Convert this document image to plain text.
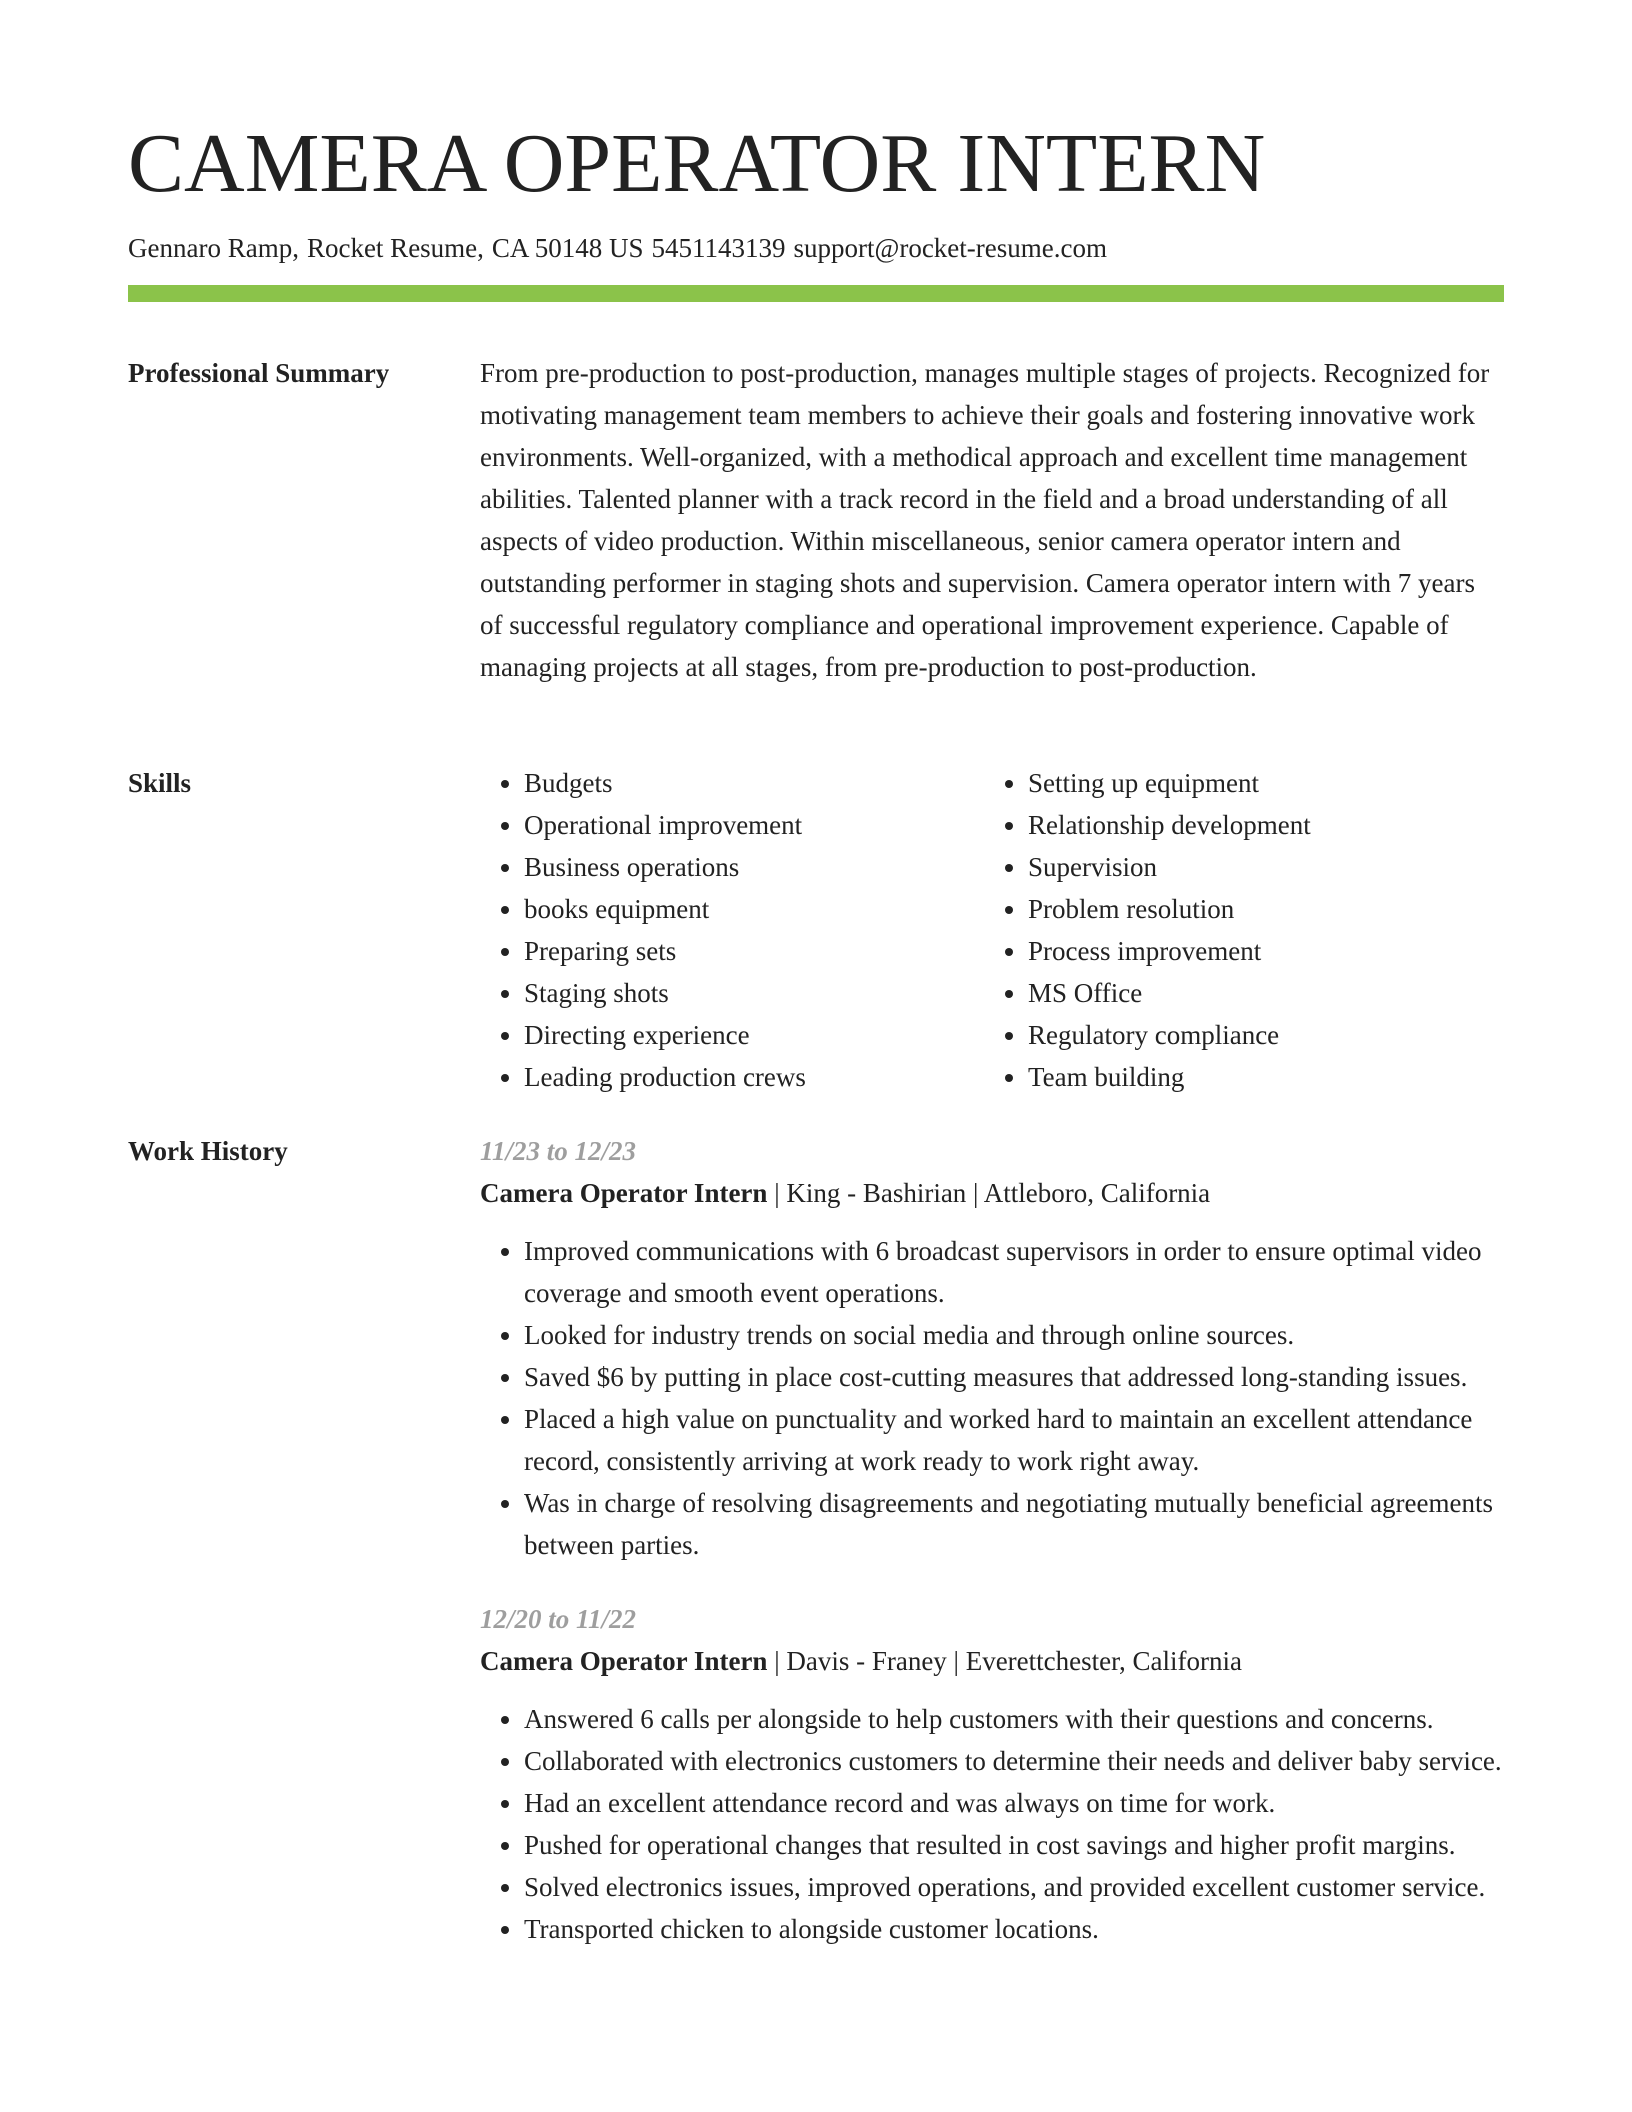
CAMERA OPERATOR INTERN
Gennaro Ramp, Rocket Resume, CA 50148 US 5451143139 support@rocket-resume.com
Professional Summary	From pre-production to post-production, manages multiple stages of projects. Recognized for motivating management team members to achieve their goals and fostering innovative work environments. Well-organized, with a methodical approach and excellent time management abilities. Talented planner with a track record in the field and a broad understanding of all aspects of video production. Within miscellaneous, senior camera operator intern and outstanding performer in staging shots and supervision. Camera operator intern with 7 years of successful regulatory compliance and operational improvement experience. Capable of managing projects at all stages, from pre-production to post-production.

Skills
•	Budgets
• Operational improvement
• Business operations
• books equipment
• Preparing sets
• Staging shots
• Directing experience
• Leading production crews
• Setting up equipment
• Relationship development
• Supervision
• Problem resolution
• Process improvement
• MS Office
• Regulatory compliance
• Team building
Work History	11/23 to 12/23
Camera Operator Intern | King - Bashirian | Attleboro, California
• Improved communications with 6 broadcast supervisors in order to ensure optimal video coverage and smooth event operations.
• Looked for industry trends on social media and through online sources.
• Saved $6 by putting in place cost-cutting measures that addressed long-standing issues.
• Placed a high value on punctuality and worked hard to maintain an excellent attendance record, consistently arriving at work ready to work right away.
• Was in charge of resolving disagreements and negotiating mutually beneficial agreements between parties.
12/20 to 11/22
Camera Operator Intern | Davis - Franey | Everettchester, California
• Answered 6 calls per alongside to help customers with their questions and concerns.
• Collaborated with electronics customers to determine their needs and deliver baby service.
• Had an excellent attendance record and was always on time for work.
• Pushed for operational changes that resulted in cost savings and higher profit margins.
• Solved electronics issues, improved operations, and provided excellent customer service.
• Transported chicken to alongside customer locations.
